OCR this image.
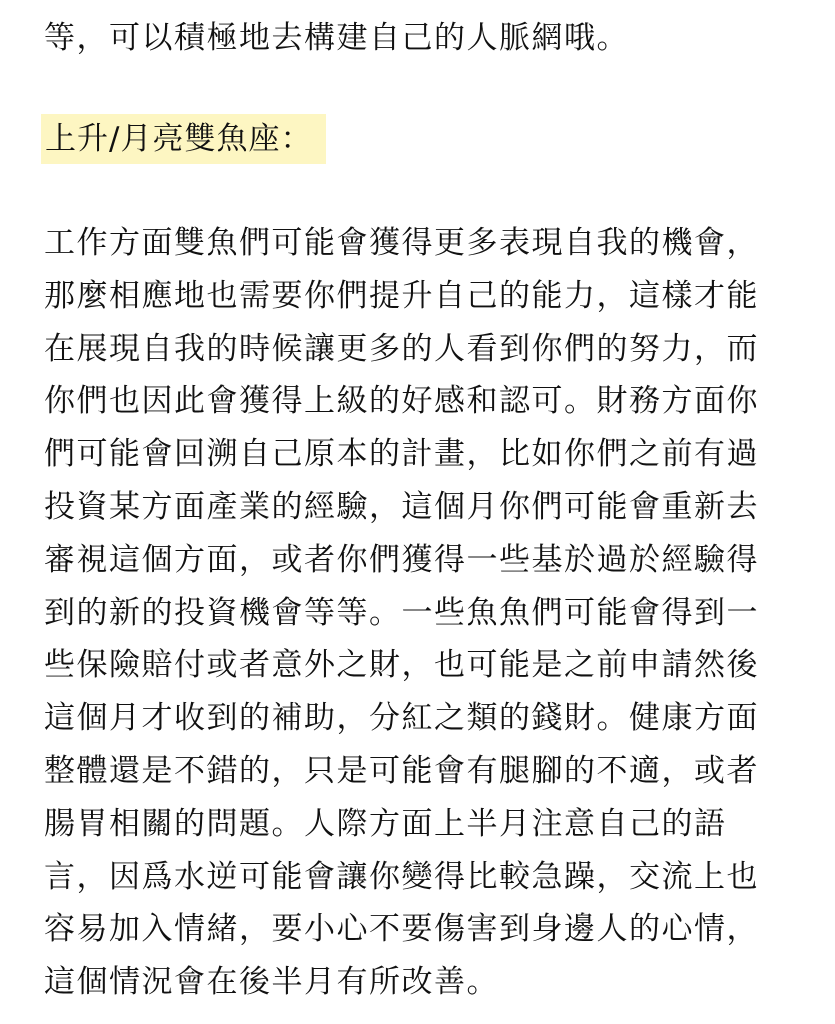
等，可以積極地去構建自己的人脈網哦。
上升/月亮雙魚座：
工作方面雙魚們可能會獲得更多表現自我的機會，
那麼相應地也需要你們提升自己的能力，這樣才能
在展現自我的時候讓更多的人看到你們的努力，而
你們也因此會獲得上級的好感和認可。財務方面你
們可能會回溯自己原本的計畫，比如你們之前有過
投資某方面產業的經驗，這個月你們可能會重新去
審視這個方面，或者你們獲得一些基於過於經驗得
到的新的投資機會等等。一些魚魚們可能會得到一
些保險賠付或者意外之財，也可能是之前申請然後
這個月才收到的補助，分紅之類的錢財。健康方面
整體還是不錯的，只是可能會有腿腳的不適，或者
腸胃相關的問題。人際方面上半月注意自己的語
言，因爲水逆可能會讓你變得比較急躁，交流上也
容易加入情緒，要小心不要傷害到身邊人的心情，
這個情況會在後半月有所改善。
